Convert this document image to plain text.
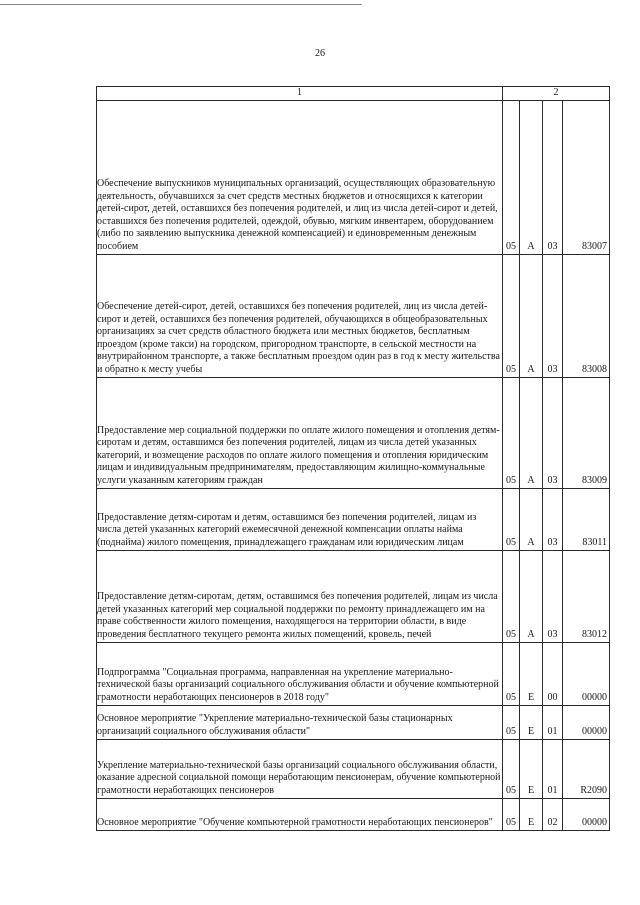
26
1	2			
Обеспечение выпускников муниципальных организаций, осуществляющих образовательную деятельность, обучавшихся за счет средств местных бюджетов и относящихся к категории детей-сирот, детей, оставшихся без попечения родителей, и лиц из числа детей-сирот и детей, оставшихся без попечения родителей, одеждой, обувью, мягким инвентарем, оборудованием (либо по заявлению выпускника денежной компенсацией) и единовременным денежным пособием	05	А	03	83007
Обеспечение детей-сирот, детей, оставшихся без попечения родителей, лиц из числа детей-сирот и детей, оставшихся без попечения родителей, обучающихся в общеобразовательных организациях за счет средств областного бюджета или местных бюджетов, бесплатным проездом (кроме такси) на городском, пригородном транспорте, в сельской местности на внутрирайонном транспорте, а также бесплатным проездом один раз в год к месту жительства и обратно к месту учебы	05	А	03	83008
Предоставление мер социальной поддержки по оплате жилого помещения и отопления детям-сиротам и детям, оставшимся без попечения родителей, лицам из числа детей указанных категорий, и возмещение расходов по оплате жилого помещения и отопления юридическим лицам и индивидуальным предпринимателям, предоставляющим жилищно-коммунальные услуги указанным категориям граждан	05	А	03	83009
Предоставление детям-сиротам и детям, оставшимся без попечения родителей, лицам из числа детей указанных категорий ежемесячной денежной компенсации оплаты найма (поднайма) жилого помещения, принадлежащего гражданам или юридическим лицам	05	А	03	83011
Предоставление детям-сиротам, детям, оставшимся без попечения родителей, лицам из числа детей указанных категорий мер социальной поддержки по ремонту принадлежащего им на праве собственности жилого помещения, находящегося на территории области, в виде проведения бесплатного текущего ремонта жилых помещений, кровель, печей	05	А	03	83012
Подпрограмма "Социальная программа, направленная на укрепление материально-технической базы организаций социального обслуживания области и обучение компьютерной грамотности неработающих пенсионеров в 2018 году"	05	Е	00	00000
Основное мероприятие "Укрепление материально-технической базы стационарных организаций социального обслуживания области"	05	Е	01	00000
Укрепление материально-технической базы организаций социального обслуживания области, оказание адресной социальной помощи неработающим пенсионерам, обучение компьютерной грамотности неработающих пенсионеров	05	Е	01	R2090
Основное мероприятие "Обучение компьютерной грамотности неработающих пенсионеров"	05	Е	02	00000
